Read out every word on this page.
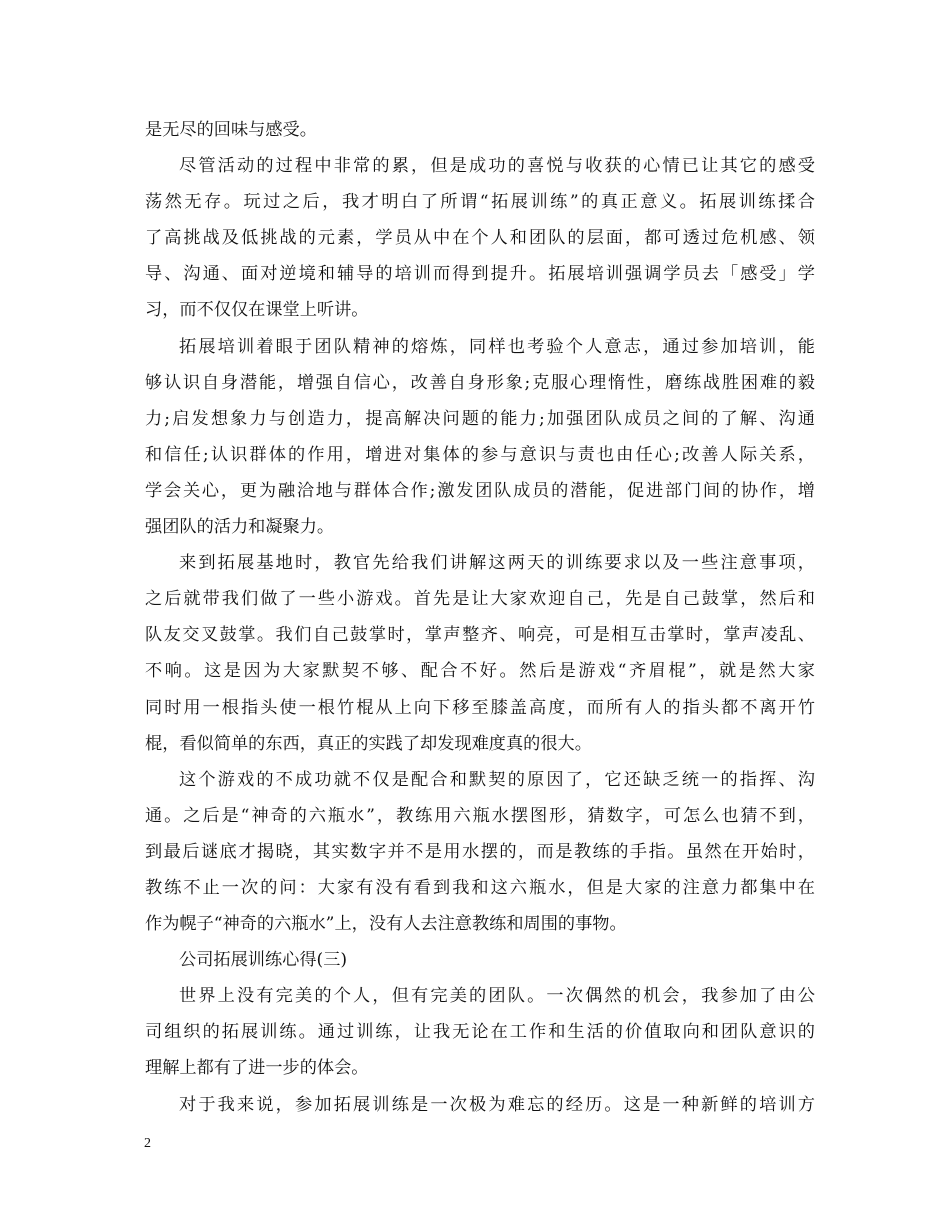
是无尽的回味与感受。
尽管活动的过程中非常的累，但是成功的喜悦与收获的心情已让其它的感受
荡然无存。玩过之后，我才明白了所谓“拓展训练”的真正意义。拓展训练揉合
了高挑战及低挑战的元素，学员从中在个人和团队的层面，都可透过危机感、领
导、沟通、面对逆境和辅导的培训而得到提升。拓展培训强调学员去「感受」学
习，而不仅仅在课堂上听讲。
拓展培训着眼于团队精神的熔炼，同样也考验个人意志，通过参加培训，能
够认识自身潜能，增强自信心，改善自身形象;克服心理惰性，磨练战胜困难的毅
力;启发想象力与创造力，提高解决问题的能力;加强团队成员之间的了解、沟通
和信任;认识群体的作用，增进对集体的参与意识与责也由任心;改善人际关系，
学会关心，更为融洽地与群体合作;激发团队成员的潜能，促进部门间的协作，增
强团队的活力和凝聚力。
来到拓展基地时，教官先给我们讲解这两天的训练要求以及一些注意事项，
之后就带我们做了一些小游戏。首先是让大家欢迎自己，先是自己鼓掌，然后和
队友交叉鼓掌。我们自己鼓掌时，掌声整齐、响亮，可是相互击掌时，掌声凌乱、
不响。这是因为大家默契不够、配合不好。然后是游戏“齐眉棍”，就是然大家
同时用一根指头使一根竹棍从上向下移至膝盖高度，而所有人的指头都不离开竹
棍，看似简单的东西，真正的实践了却发现难度真的很大。
这个游戏的不成功就不仅是配合和默契的原因了，它还缺乏统一的指挥、沟
通。之后是“神奇的六瓶水”，教练用六瓶水摆图形，猜数字，可怎么也猜不到，
到最后谜底才揭晓，其实数字并不是用水摆的，而是教练的手指。虽然在开始时，
教练不止一次的问：大家有没有看到我和这六瓶水，但是大家的注意力都集中在
作为幌子“神奇的六瓶水”上，没有人去注意教练和周围的事物。
公司拓展训练心得(三)
世界上没有完美的个人，但有完美的团队。一次偶然的机会，我参加了由公
司组织的拓展训练。通过训练，让我无论在工作和生活的价值取向和团队意识的
理解上都有了进一步的体会。
对于我来说，参加拓展训练是一次极为难忘的经历。这是一种新鲜的培训方
2
